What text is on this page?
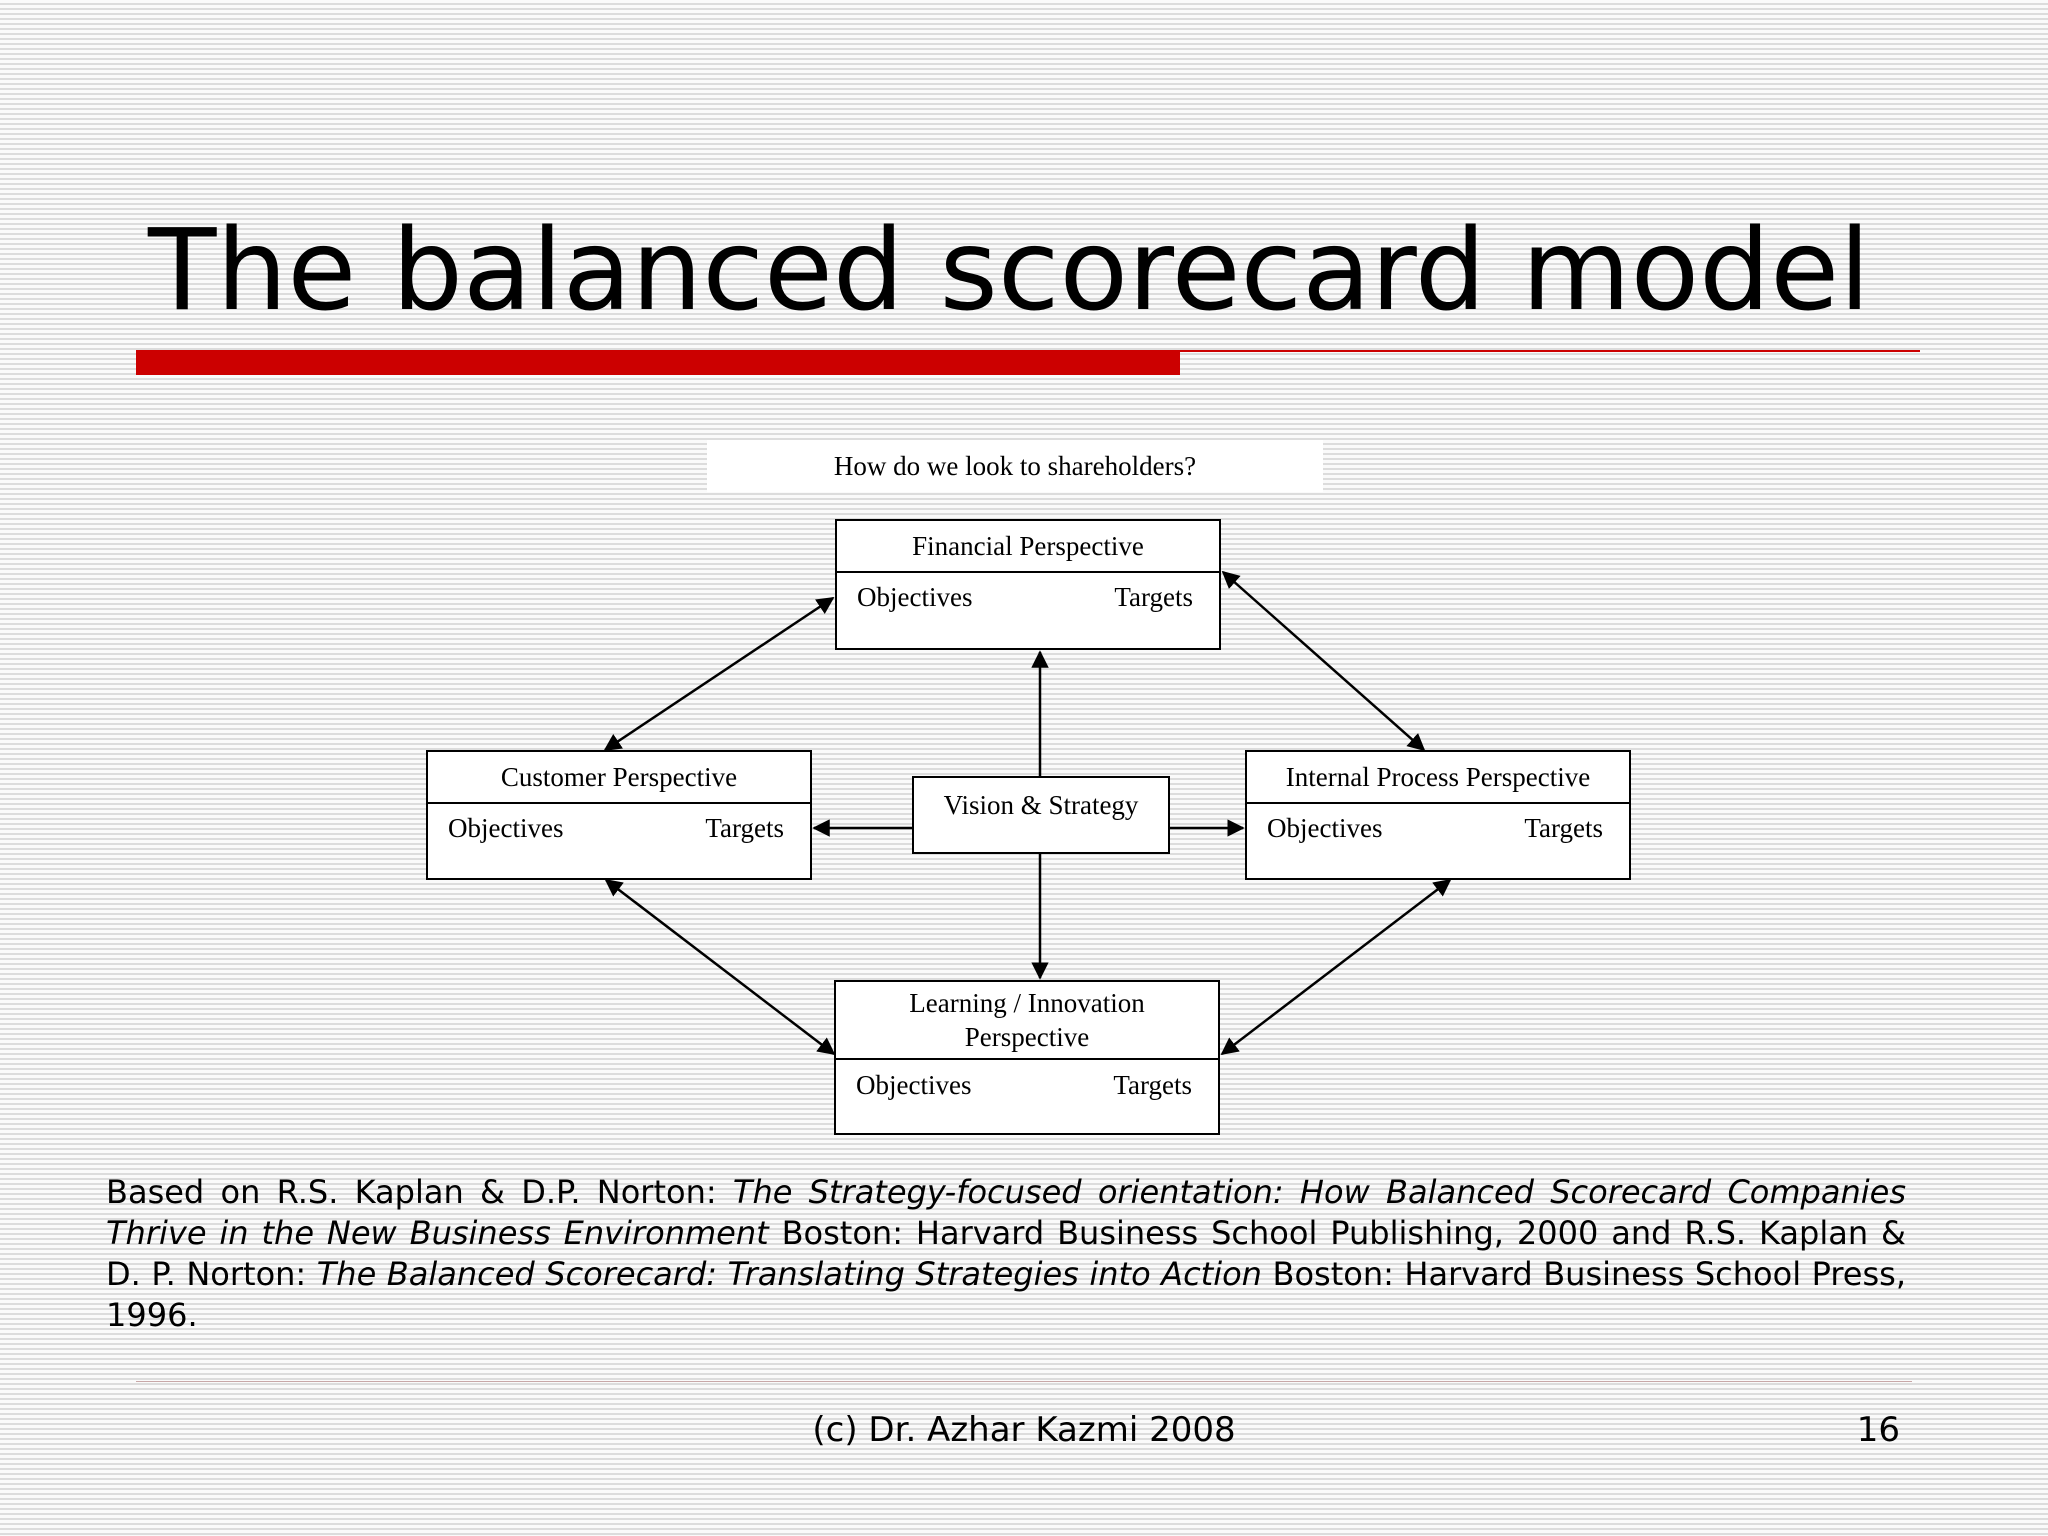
The balanced scorecard model
How do we look to shareholders?
Financial Perspective
Objectives	Targets
Customer Perspective
Objectives	Targets
Internal Process Perspective
Objectives	Targets
Learning / Innovation
Perspective
Objectives	Targets
Vision & Strategy

Based on R.S. Kaplan & D.P. Norton: The Strategy-focused orientation: How Balanced Scorecard Companies Thrive in the New Business Environment Boston: Harvard Business School Publishing, 2000 and R.S. Kaplan & D. P. Norton: The Balanced Scorecard: Translating Strategies into Action Boston: Harvard Business School Press, 1996.

(c) Dr. Azhar Kazmi 2008	16
